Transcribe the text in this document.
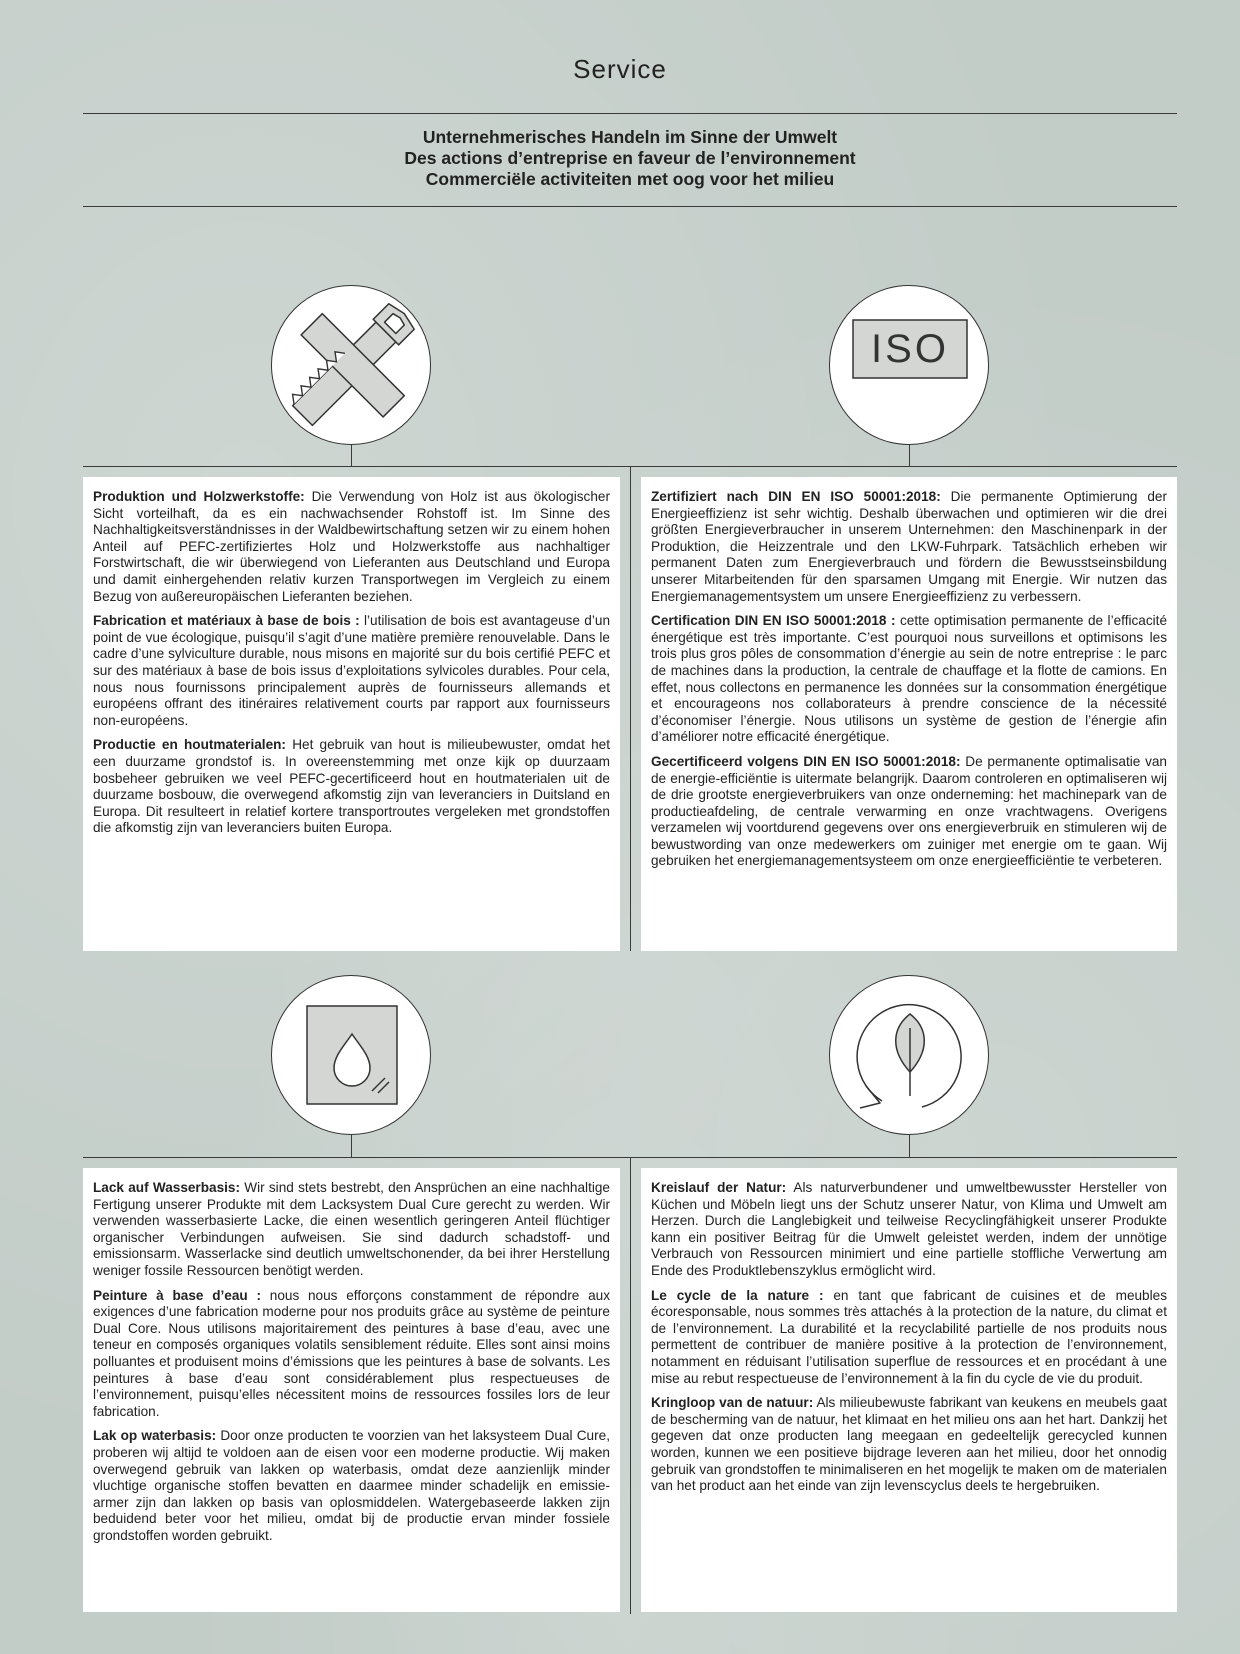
Service
Unternehmerisches Handeln im Sinne der Umwelt
Des actions d’entreprise en faveur de l’environnement
Commerciële activiteiten met oog voor het milieu
ISO

Produktion und Holzwerkstoffe: Die Verwendung von Holz ist aus ökologischer Sicht vorteilhaft, da es ein nachwachsender Rohstoff ist. Im Sinne des Nachhaltigkeitsverständnisses in der Waldbewirtschaftung setzen wir zu einem hohen Anteil auf PEFC-zertifiziertes Holz und Holzwerkstoffe aus nachhaltiger Forstwirtschaft, die wir überwiegend von Lieferanten aus Deutschland und Europa und damit einhergehenden relativ kurzen Transportwegen im Vergleich zu einem Bezug von außereuropäischen Lieferanten beziehen.

Fabrication et matériaux à base de bois : l’utilisation de bois est avantageuse d’un point de vue écologique, puisqu’il s’agit d’une matière première renouvelable. Dans le cadre d’une sylviculture durable, nous misons en majorité sur du bois certifié PEFC et sur des matériaux à base de bois issus d’exploitations sylvicoles durables. Pour cela, nous nous fournissons principalement auprès de fournisseurs allemands et européens offrant des itinéraires relativement courts par rapport aux fournisseurs non-européens.

Productie en houtmaterialen: Het gebruik van hout is milieubewuster, omdat het een duurzame grondstof is. In overeenstemming met onze kijk op duurzaam bosbeheer gebruiken we veel PEFC-gecertificeerd hout en houtmaterialen uit de duurzame bosbouw, die overwegend afkomstig zijn van leveranciers in Duitsland en Europa. Dit resulteert in relatief kortere transportroutes vergeleken met grondstoffen die afkomstig zijn van leveranciers buiten Europa.

Zertifiziert nach DIN EN ISO 50001:2018: Die permanente Optimierung der Energieeffizienz ist sehr wichtig. Deshalb überwachen und optimieren wir die drei größten Energieverbraucher in unserem Unternehmen: den Maschinenpark in der Produktion, die Heizzentrale und den LKW-Fuhrpark. Tatsächlich erheben wir permanent Daten zum Energieverbrauch und fördern die Bewusstseinsbildung unserer Mitarbeitenden für den sparsamen Umgang mit Energie. Wir nutzen das Energiemanagementsystem um unsere Energieeffizienz zu verbessern.

Certification DIN EN ISO 50001:2018 : cette optimisation permanente de l’efficacité énergétique est très importante. C’est pourquoi nous surveillons et optimisons les trois plus gros pôles de consommation d’énergie au sein de notre entreprise : le parc de machines dans la production, la centrale de chauffage et la flotte de camions. En effet, nous collectons en permanence les données sur la consommation énergétique et encourageons nos collaborateurs à prendre conscience de la nécessité d’économiser l’énergie. Nous utilisons un système de gestion de l’énergie afin d’améliorer notre efficacité énergétique.

Gecertificeerd volgens DIN EN ISO 50001:2018: De permanente optimalisatie van de energie-efficiëntie is uitermate belangrijk. Daarom controleren en optimaliseren wij de drie grootste energieverbruikers van onze onderneming: het machinepark van de productieafdeling, de centrale verwarming en onze vrachtwagens. Overigens verzamelen wij voortdurend gegevens over ons energieverbruik en stimuleren wij de bewustwording van onze medewerkers om zuiniger met energie om te gaan. Wij gebruiken het energiemanagementsysteem om onze energieefficiëntie te verbeteren.

Lack auf Wasserbasis: Wir sind stets bestrebt, den Ansprüchen an eine nachhaltige Fertigung unserer Produkte mit dem Lacksystem Dual Cure gerecht zu werden. Wir verwenden wasserbasierte Lacke, die einen wesentlich geringeren Anteil flüchtiger organischer Verbindungen aufweisen. Sie sind dadurch schadstoff- und emissionsarm. Wasserlacke sind deutlich umweltschonender, da bei ihrer Herstellung weniger fossile Ressourcen benötigt werden.

Peinture à base d’eau : nous nous efforçons constamment de répondre aux exigences d’une fabrication moderne pour nos produits grâce au système de peinture Dual Core. Nous utilisons majoritairement des peintures à base d’eau, avec une teneur en composés organiques volatils sensiblement réduite. Elles sont ainsi moins polluantes et produisent moins d’émissions que les peintures à base de solvants. Les peintures à base d’eau sont considérablement plus respectueuses de l’environnement, puisqu’elles nécessitent moins de ressources fossiles lors de leur fabrication.

Lak op waterbasis: Door onze producten te voorzien van het laksysteem Dual Cure, proberen wij altijd te voldoen aan de eisen voor een moderne productie. Wij maken overwegend gebruik van lakken op waterbasis, omdat deze aanzienlijk minder vluchtige organische stoffen bevatten en daarmee minder schadelijk en emissie-armer zijn dan lakken op basis van oplosmiddelen. Watergebaseerde lakken zijn beduidend beter voor het milieu, omdat bij de productie ervan minder fossiele grondstoffen worden gebruikt.

Kreislauf der Natur: Als naturverbundener und umweltbewusster Hersteller von Küchen und Möbeln liegt uns der Schutz unserer Natur, von Klima und Umwelt am Herzen. Durch die Langlebigkeit und teilweise Recyclingfähigkeit unserer Produkte kann ein positiver Beitrag für die Umwelt geleistet werden, indem der unnötige Verbrauch von Ressourcen minimiert und eine partielle stoffliche Verwertung am Ende des Produktlebenszyklus ermöglicht wird.

Le cycle de la nature : en tant que fabricant de cuisines et de meubles écoresponsable, nous sommes très attachés à la protection de la nature, du climat et de l’environnement. La durabilité et la recyclabilité partielle de nos produits nous permettent de contribuer de manière positive à la protection de l’environnement, notamment en réduisant l’utilisation superflue de ressources et en procédant à une mise au rebut respectueuse de l’environnement à la fin du cycle de vie du produit.

Kringloop van de natuur: Als milieubewuste fabrikant van keukens en meubels gaat de bescherming van de natuur, het klimaat en het milieu ons aan het hart. Dankzij het gegeven dat onze producten lang meegaan en gedeeltelijk gerecycled kunnen worden, kunnen we een positieve bijdrage leveren aan het milieu, door het onnodig gebruik van grondstoffen te minimaliseren en het mogelijk te maken om de materialen van het product aan het einde van zijn levenscyclus deels te hergebruiken.
